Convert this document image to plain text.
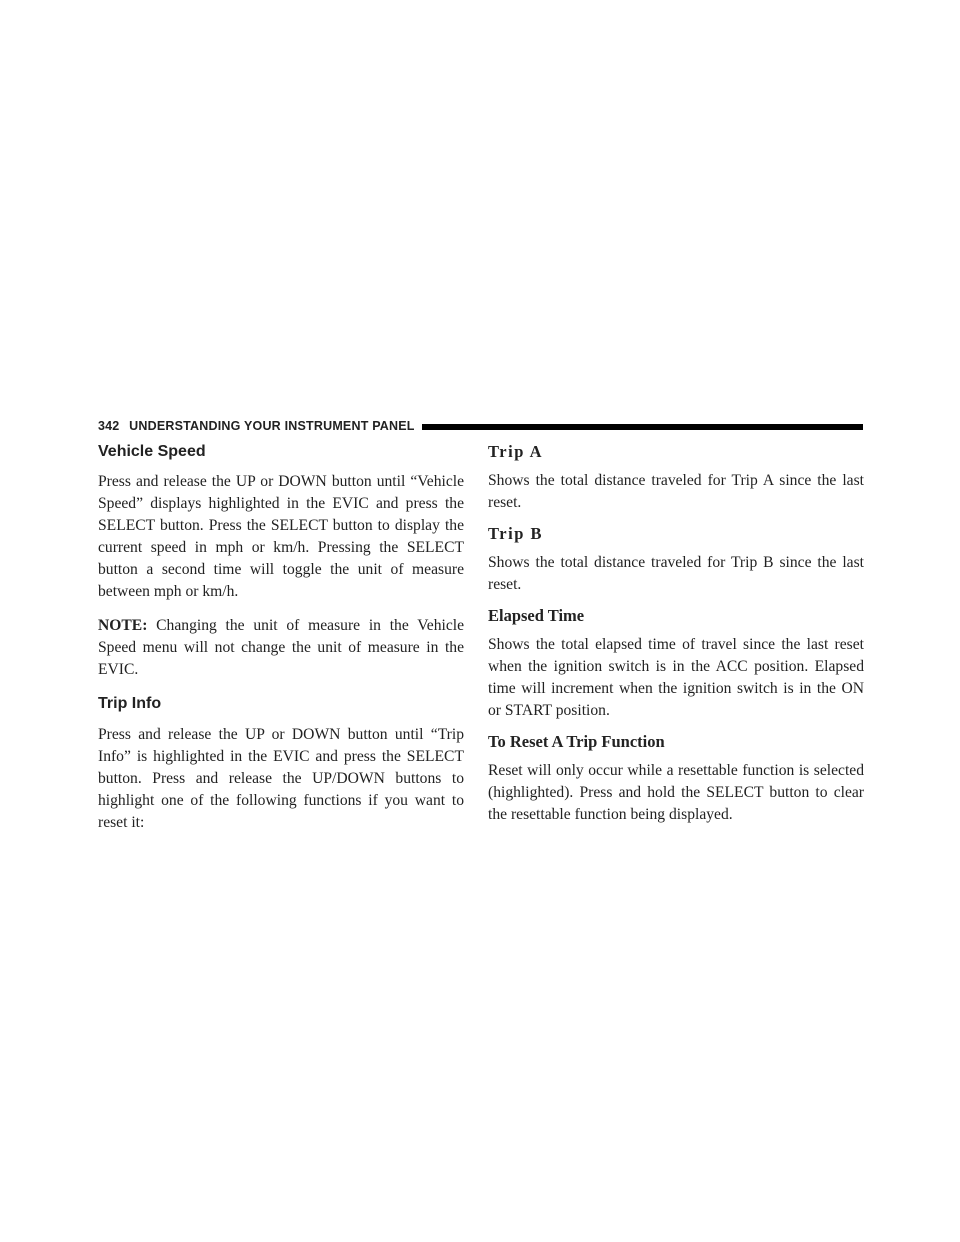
342 UNDERSTANDING YOUR INSTRUMENT PANEL
Vehicle Speed

Press and release the UP or DOWN button until “Vehicle Speed” displays highlighted in the EVIC and press the SELECT button. Press the SELECT button to display the current speed in mph or km/h. Pressing the SELECT button a second time will toggle the unit of measure between mph or km/h.

NOTE: Changing the unit of measure in the Vehicle Speed menu will not change the unit of measure in the EVIC.

Trip Info

Press and release the UP or DOWN button until “Trip Info” is highlighted in the EVIC and press the SELECT button. Press and release the UP/DOWN buttons to highlight one of the following functions if you want to reset it:

Trip A

Shows the total distance traveled for Trip A since the last reset.

Trip B

Shows the total distance traveled for Trip B since the last reset.

Elapsed Time

Shows the total elapsed time of travel since the last reset when the ignition switch is in the ACC position. Elapsed time will increment when the ignition switch is in the ON or START position.

To Reset A Trip Function

Reset will only occur while a resettable function is selected (highlighted). Press and hold the SELECT button to clear the resettable function being displayed.
